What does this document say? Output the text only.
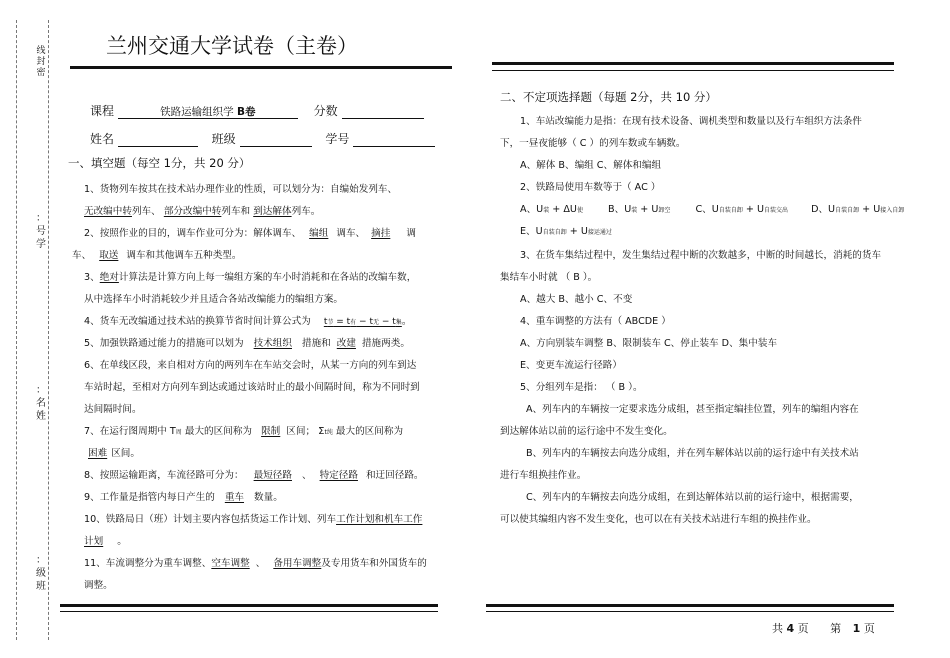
线封密
：号学
：名姓
：级班
兰州交通大学试卷（主卷）
课程	铁路运输组织学 B卷	分数
姓名	班级	学号
一、填空题（每空 1分，共 20 分）
1、货物列车按其在技术站办理作业的性质，可以划分为：自编始发列车、
无改编中转列车、 部分改编中转列车和 到达解体列车。
2、按照作业的目的，调车作业可分为：解体调车、 编组 调车、 摘挂 调
车、 取送 调车和其他调车五种类型。
3、绝对计算法是计算方向上每一编组方案的车小时消耗和在各站的改编车数，
从中选择车小时消耗较少并且适合各站改编能力的编组方案。
4、货车无改编通过技术站的换算节省时间计算公式为 t节 = t有 − t无 − t集。
5、加强铁路通过能力的措施可以划为 技术组织 措施和 改建 措施两类。
6、在单线区段，来自相对方向的两列车在车站交会时，从某一方向的列车到达
车站时起，至相对方向列车到达或通过该站时止的最小间隔时间，称为不同时到
达间隔时间。
7、在运行图周期中 T周 最大的区间称为 限制 区间； Σt纯 最大的区间称为
困难 区间。
8、按照运输距离，车流径路可分为： 最短径路 、 特定径路 和迂回径路。
9、工作量是指管内每日产生的 重车 数量。
10、铁路局日（班）计划主要内容包括货运工作计划、列车工作计划和机车工作
计划 。
11、车流调整分为重车调整、空车调整 、 备用车调整及专用货车和外国货车的
调整。
二、不定项选择题（每题 2分，共 10 分）
1、车站改编能力是指：在现有技术设备、调机类型和数量以及行车组织方法条件
下，一昼夜能够（ C ）的列车数或车辆数。
A、解体 B、编组 C、解体和编组
2、铁路局使用车数等于（ AC ）
A、U装 + ΔU使	B、U装 + U卸空	C、U自装自卸 + U自装交出 D、U自装自卸 + U接入自卸
E、U自装自卸 + U接运通过
3、在货车集结过程中，发生集结过程中断的次数越多，中断的时间越长，消耗的货车
集结车小时就 （ B ）。
A、越大 B、越小 C、不变
4、重车调整的方法有（ ABCDE ）
A、方向别装车调整 B、限制装车 C、停止装车 D、集中装车
E、变更车流运行径路）
5、分组列车是指： （ B ）。
A、列车内的车辆按一定要求选分成组，甚至指定编挂位置，列车的编组内容在
到达解体站以前的运行途中不发生变化。
B、列车内的车辆按去向选分成组，并在列车解体站以前的运行途中有关技术站
进行车组换挂作业。
C、列车内的车辆按去向选分成组，在到达解体站以前的运行途中，根据需要，
可以使其编组内容不发生变化，也可以在有关技术站进行车组的换挂作业。
共 4 页 第 1 页
